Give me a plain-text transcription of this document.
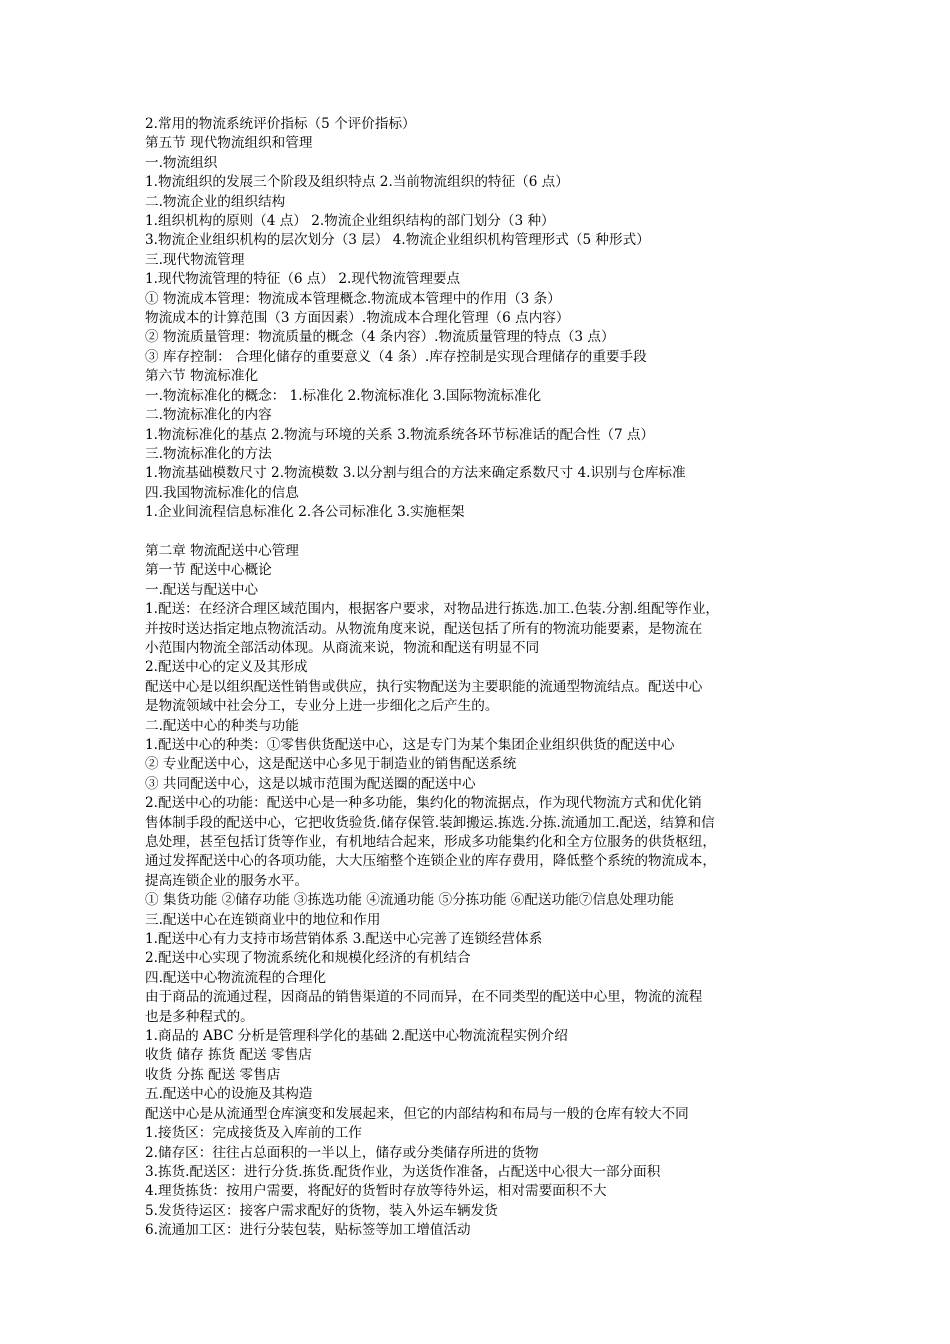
2.常用的物流系统评价指标（5 个评价指标）
第五节 现代物流组织和管理
一.物流组织
1.物流组织的发展三个阶段及组织特点 2.当前物流组织的特征（6 点）
二.物流企业的组织结构
1.组织机构的原则（4 点） 2.物流企业组织结构的部门划分（3 种）
3.物流企业组织机构的层次划分（3 层） 4.物流企业组织机构管理形式（5 种形式）
三.现代物流管理
1.现代物流管理的特征（6 点） 2.现代物流管理要点
① 物流成本管理：物流成本管理概念.物流成本管理中的作用（3 条）
物流成本的计算范围（3 方面因素）.物流成本合理化管理（6 点内容）
② 物流质量管理：物流质量的概念（4 条内容）.物流质量管理的特点（3 点）
③ 库存控制： 合理化储存的重要意义（4 条）.库存控制是实现合理储存的重要手段
第六节 物流标准化
一.物流标准化的概念： 1.标准化 2.物流标准化 3.国际物流标准化
二.物流标准化的内容
1.物流标准化的基点 2.物流与环境的关系 3.物流系统各环节标准话的配合性（7 点）
三.物流标准化的方法
1.物流基础模数尺寸 2.物流模数 3.以分割与组合的方法来确定系数尺寸 4.识别与仓库标准
四.我国物流标准化的信息
1.企业间流程信息标准化 2.各公司标准化 3.实施框架
第二章 物流配送中心管理
第一节 配送中心概论
一.配送与配送中心
1.配送：在经济合理区域范围内，根据客户要求，对物品进行拣选.加工.色装.分割.组配等作业，
并按时送达指定地点物流活动。从物流角度来说，配送包括了所有的物流功能要素，是物流在
小范围内物流全部活动体现。从商流来说，物流和配送有明显不同
2.配送中心的定义及其形成
配送中心是以组织配送性销售或供应，执行实物配送为主要职能的流通型物流结点。配送中心
是物流领域中社会分工，专业分上进一步细化之后产生的。
二.配送中心的种类与功能
1.配送中心的种类：①零售供货配送中心，这是专门为某个集团企业组织供货的配送中心
② 专业配送中心，这是配送中心多见于制造业的销售配送系统
③ 共同配送中心，这是以城市范围为配送圈的配送中心
2.配送中心的功能：配送中心是一种多功能，集约化的物流据点，作为现代物流方式和优化销
售体制手段的配送中心，它把收货验货.储存保管.装卸搬运.拣选.分拣.流通加工.配送，结算和信
息处理，甚至包括订货等作业，有机地结合起来，形成多功能集约化和全方位服务的供货枢纽，
通过发挥配送中心的各项功能，大大压缩整个连锁企业的库存费用，降低整个系统的物流成本，
提高连锁企业的服务水平。
① 集货功能 ②储存功能 ③拣选功能 ④流通功能 ⑤分拣功能 ⑥配送功能⑦信息处理功能
三.配送中心在连锁商业中的地位和作用
1.配送中心有力支持市场营销体系 3.配送中心完善了连锁经营体系
2.配送中心实现了物流系统化和规模化经济的有机结合
四.配送中心物流流程的合理化
由于商品的流通过程，因商品的销售渠道的不同而异，在不同类型的配送中心里，物流的流程
也是多种程式的。
1.商品的 ABC 分析是管理科学化的基础 2.配送中心物流流程实例介绍
收货 储存 拣货 配送 零售店
收货 分拣 配送 零售店
五.配送中心的设施及其构造
配送中心是从流通型仓库演变和发展起来，但它的内部结构和布局与一般的仓库有较大不同
1.接货区：完成接货及入库前的工作
2.储存区：往往占总面积的一半以上，储存或分类储存所进的货物
3.拣货.配送区：进行分货.拣货.配货作业，为送货作准备，占配送中心很大一部分面积
4.理货拣货：按用户需要，将配好的货暂时存放等待外运，相对需要面积不大
5.发货待运区：接客户需求配好的货物，装入外运车辆发货
6.流通加工区：进行分装包装，贴标签等加工增值活动
